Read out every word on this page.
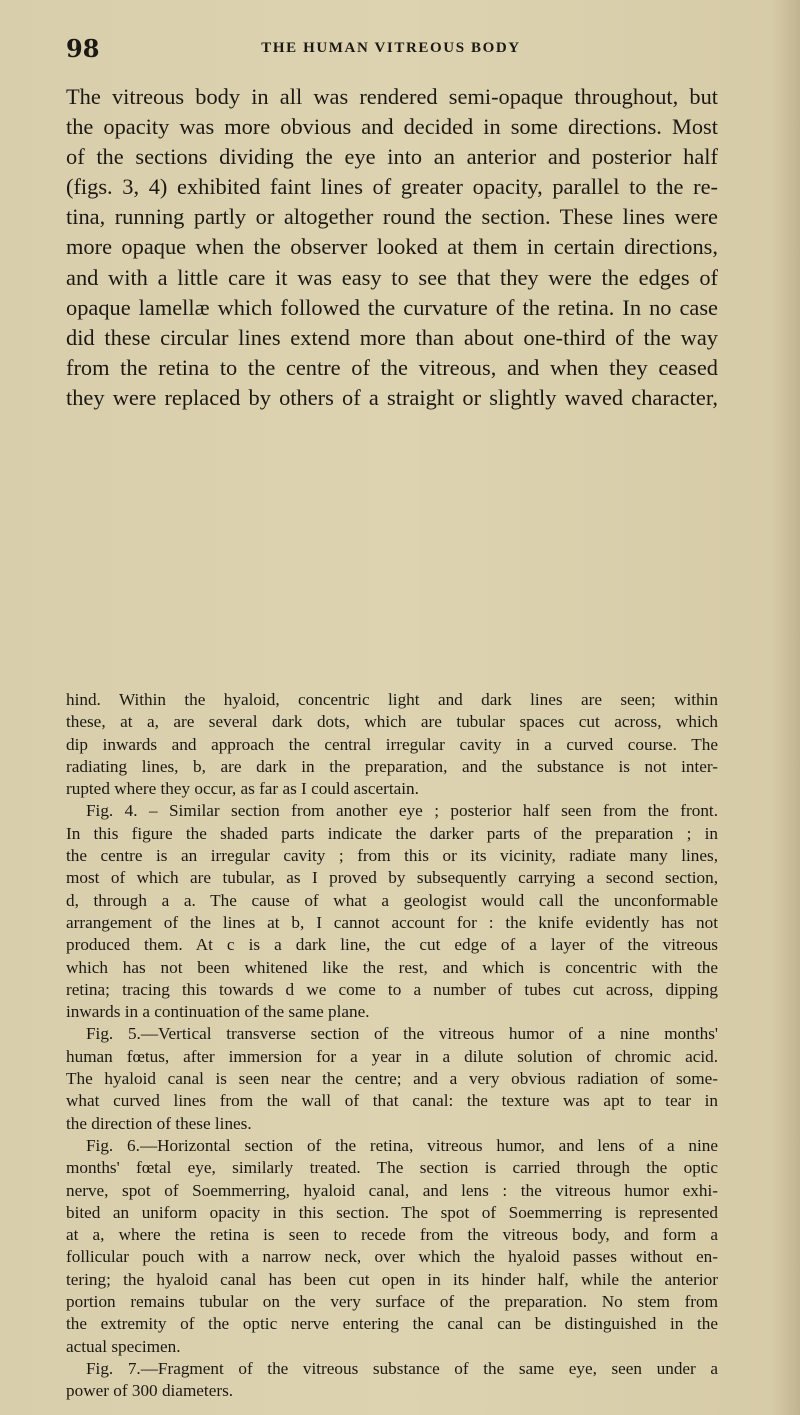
98	THE HUMAN VITREOUS BODY
The vitreous body in all was rendered semi-opaque throughout, but
the opacity was more obvious and decided in some directions. Most
of the sections dividing the eye into an anterior and posterior half
(figs. 3, 4) exhibited faint lines of greater opacity, parallel to the re-
tina, running partly or altogether round the section. These lines were
more opaque when the observer looked at them in certain directions,
and with a little care it was easy to see that they were the edges of
opaque lamellæ which followed the curvature of the retina. In no case
did these circular lines extend more than about one-third of the way
from the retina to the centre of the vitreous, and when they ceased
they were replaced by others of a straight or slightly waved character,
hind. Within the hyaloid, concentric light and dark lines are seen; within
these, at a, are several dark dots, which are tubular spaces cut across, which
dip inwards and approach the central irregular cavity in a curved course. The
radiating lines, b, are dark in the preparation, and the substance is not inter-
rupted where they occur, as far as I could ascertain.
Fig. 4. – Similar section from another eye ; posterior half seen from the front.
In this figure the shaded parts indicate the darker parts of the preparation ; in
the centre is an irregular cavity ; from this or its vicinity, radiate many lines,
most of which are tubular, as I proved by subsequently carrying a second section,
d, through a a. The cause of what a geologist would call the unconformable
arrangement of the lines at b, I cannot account for : the knife evidently has not
produced them. At c is a dark line, the cut edge of a layer of the vitreous
which has not been whitened like the rest, and which is concentric with the
retina; tracing this towards d we come to a number of tubes cut across, dipping
inwards in a continuation of the same plane.
Fig. 5.—Vertical transverse section of the vitreous humor of a nine months'
human fœtus, after immersion for a year in a dilute solution of chromic acid.
The hyaloid canal is seen near the centre; and a very obvious radiation of some-
what curved lines from the wall of that canal: the texture was apt to tear in
the direction of these lines.
Fig. 6.—Horizontal section of the retina, vitreous humor, and lens of a nine
months' fœtal eye, similarly treated. The section is carried through the optic
nerve, spot of Soemmerring, hyaloid canal, and lens : the vitreous humor exhi-
bited an uniform opacity in this section. The spot of Soemmerring is represented
at a, where the retina is seen to recede from the vitreous body, and form a
follicular pouch with a narrow neck, over which the hyaloid passes without en-
tering; the hyaloid canal has been cut open in its hinder half, while the anterior
portion remains tubular on the very surface of the preparation. No stem from
the extremity of the optic nerve entering the canal can be distinguished in the
actual specimen.
Fig. 7.—Fragment of the vitreous substance of the same eye, seen under a
power of 300 diameters.
